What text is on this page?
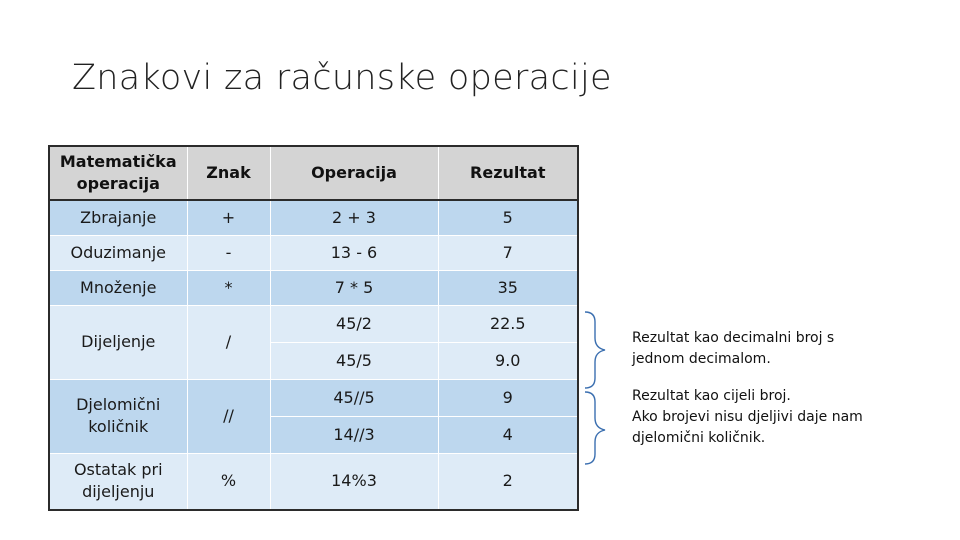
Znakovi za računske operacije
Matematička operacija	Znak	Operacija	Rezultat
Zbrajanje	+	2 + 3	5
Oduzimanje	-	13 - 6	7
Množenje	*	7 * 5	35
Dijeljenje	/	45/2	22.5
		45/5	9.0
Djelomični količnik	//	45//5	9
		14//3	4
Ostatak pri dijeljenju	%	14%3	2
Rezultat kao decimalni broj s
jednom decimalom.
Rezultat kao cijeli broj.
Ako brojevi nisu djeljivi daje nam
djelomični količnik.
